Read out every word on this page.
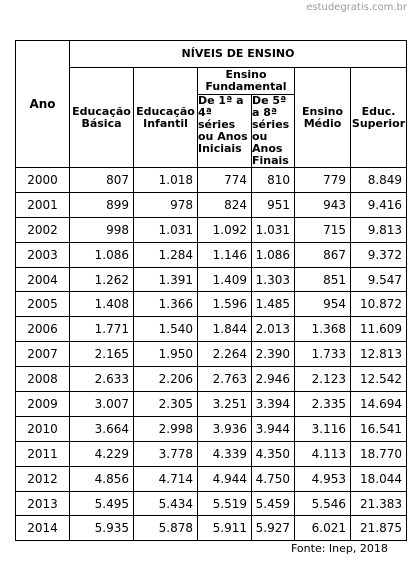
estudegratis.com.br
Ano	NÍVEIS DE ENSINO					
	Educação Básica	Educação Infantil	Ensino Fundamental		Ensino Médio	Educ. Superior
			De 1ª a 4ª séries ou Anos Iniciais	De 5ª a 8ª séries ou Anos Finais		
2000	807	1.018	774	810	779	8.849
2001	899	978	824	951	943	9.416
2002	998	1.031	1.092	1.031	715	9.813
2003	1.086	1.284	1.146	1.086	867	9.372
2004	1.262	1.391	1.409	1.303	851	9.547
2005	1.408	1.366	1.596	1.485	954	10.872
2006	1.771	1.540	1.844	2.013	1.368	11.609
2007	2.165	1.950	2.264	2.390	1.733	12.813
2008	2.633	2.206	2.763	2.946	2.123	12.542
2009	3.007	2.305	3.251	3.394	2.335	14.694
2010	3.664	2.998	3.936	3.944	3.116	16.541
2011	4.229	3.778	4.339	4.350	4.113	18.770
2012	4.856	4.714	4.944	4.750	4.953	18.044
2013	5.495	5.434	5.519	5.459	5.546	21.383
2014	5.935	5.878	5.911	5.927	6.021	21.875
Fonte: Inep, 2018
